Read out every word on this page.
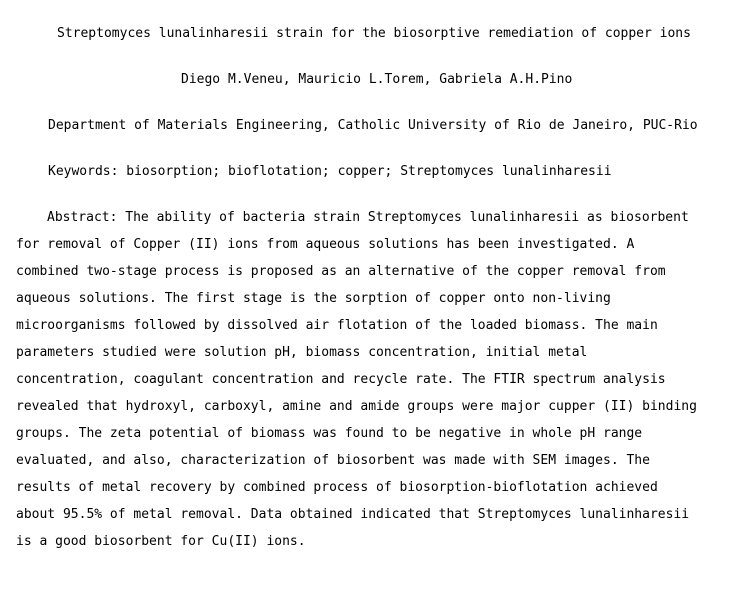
Streptomyces lunalinharesii strain for the biosorptive remediation of copper ions
Diego M.Veneu, Mauricio L.Torem, Gabriela A.H.Pino
Department of Materials Engineering, Catholic University of Rio de Janeiro, PUC-Rio
Keywords: biosorption; bioflotation; copper; Streptomyces lunalinharesii
Abstract: The ability of bacteria strain Streptomyces lunalinharesii as biosorbent
for removal of Copper (II) ions from aqueous solutions has been investigated. A
combined two-stage process is proposed as an alternative of the copper removal from
aqueous solutions. The first stage is the sorption of copper onto non-living
microorganisms followed by dissolved air flotation of the loaded biomass. The main
parameters studied were solution pH, biomass concentration, initial metal
concentration, coagulant concentration and recycle rate. The FTIR spectrum analysis
revealed that hydroxyl, carboxyl, amine and amide groups were major cupper (II) binding
groups. The zeta potential of biomass was found to be negative in whole pH range
evaluated, and also, characterization of biosorbent was made with SEM images. The
results of metal recovery by combined process of biosorption-bioflotation achieved
about 95.5% of metal removal. Data obtained indicated that Streptomyces lunalinharesii
is a good biosorbent for Cu(II) ions.
